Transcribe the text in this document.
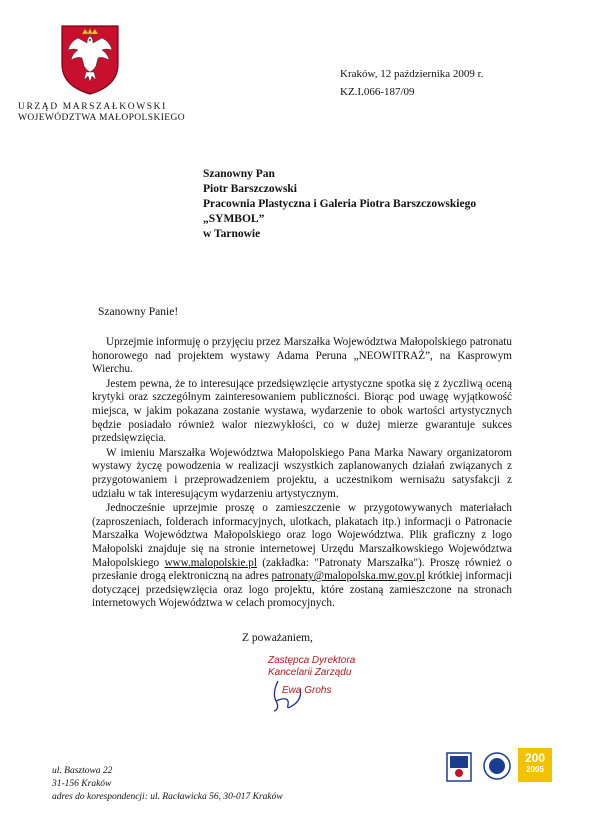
URZĄD MARSZAŁKOWSKI
WOJEWÓDZTWA MAŁOPOLSKIEGO
Kraków, 12 października 2009 r.
KZ.I.066-187/09
Szanowny Pan
Piotr Barszczowski
Pracownia Plastyczna i Galeria Piotra Barszczowskiego
„SYMBOL”
w Tarnowie
Szanowny Panie!

Uprzejmie informuję o przyjęciu przez Marszałka Województwa Małopolskiego patronatu honorowego nad projektem wystawy Adama Peruna „NEOWITRAŻ”, na Kasprowym Wierchu.

Jestem pewna, że to interesujące przedsięwzięcie artystyczne spotka się z życzliwą oceną krytyki oraz szczególnym zainteresowaniem publiczności. Biorąc pod uwagę wyjątkowość miejsca, w jakim pokazana zostanie wystawa, wydarzenie to obok wartości artystycznych będzie posiadało również walor niezwykłości, co w dużej mierze gwarantuje sukces przedsięwzięcia.

W imieniu Marszałka Województwa Małopolskiego Pana Marka Nawary organizatorom wystawy życzę powodzenia w realizacji wszystkich zaplanowanych działań związanych z przygotowaniem i przeprowadzeniem projektu, a uczestnikom wernisażu satysfakcji z udziału w tak interesującym wydarzeniu artystycznym.

Jednocześnie uprzejmie proszę o zamieszczenie w przygotowywanych materiałach (zaproszeniach, folderach informacyjnych, ulotkach, plakatach itp.) informacji o Patronacie Marszałka Województwa Małopolskiego oraz logo Województwa. Plik graficzny z logo Małopolski znajduje się na stronie internetowej Urzędu Marszałkowskiego Województwa Małopolskiego www.malopolskie.pl (zakładka: "Patronaty Marszałka"). Proszę również o przesłanie drogą elektroniczną na adres patronaty@malopolska.mw.gov.pl krótkiej informacji dotyczącej przedsięwzięcia oraz logo projektu, które zostaną zamieszczone na stronach internetowych Województwa w celach promocyjnych.

Z poważaniem,
Zastępca Dyrektora
Kancelarii Zarządu
Ewa Grohs
ul. Basztowa 22
31-156 Kraków
adres do korespondencji: ul. Racławicka 56, 30-017 Kraków
200
2005
